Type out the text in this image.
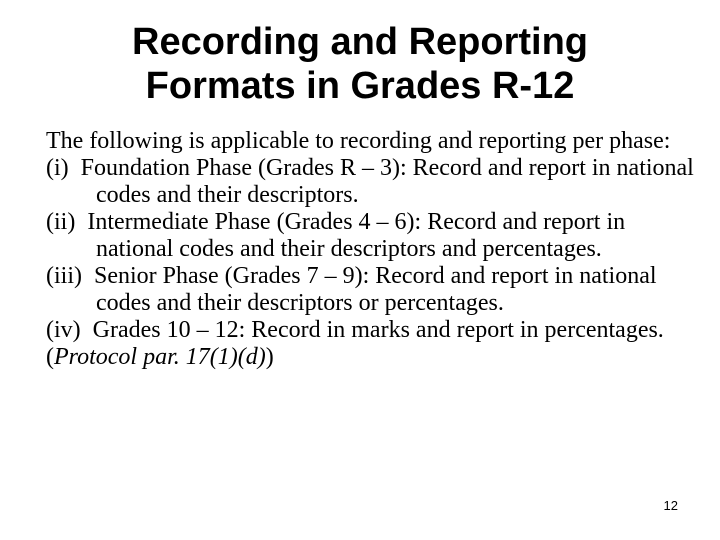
Recording and Reporting
Formats in Grades R-12

The following is applicable to recording and reporting per phase:

(i)  Foundation Phase (Grades R – 3): Record and report in national codes and their descriptors.
(ii)  Intermediate Phase (Grades 4 – 6): Record and report in national codes and their descriptors and percentages.
(iii)  Senior Phase (Grades 7 – 9): Record and report in national codes and their descriptors or percentages.
(iv)  Grades 10 – 12: Record in marks and report in percentages.

(Protocol par. 17(1)(d))

12
